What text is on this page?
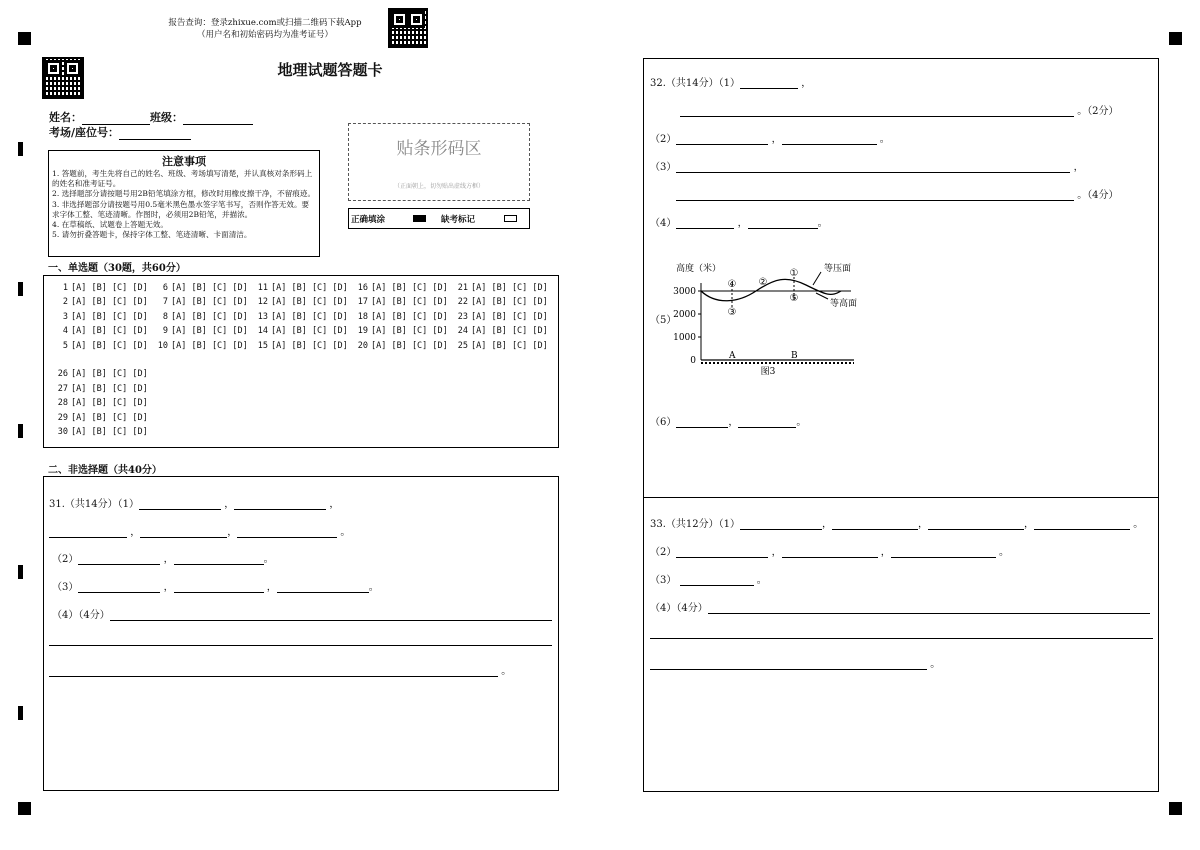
报告查询：登录zhixue.com或扫描二维码下载App
（用户名和初始密码均为准考证号）
地理试题答题卡
姓名：	班级：
考场/座位号：
贴条形码区
（正面朝上，切勿贴出虚线方框）
正确填涂	缺考标记
注意事项
1. 答题前，考生先将自己的姓名、班级、考场填写清楚，并认真核对条形码上的姓名和准考证号。
2. 选择题部分请按题号用2B铅笔填涂方框，修改时用橡皮擦干净，不留痕迹。
3. 非选择题部分请按题号用0.5毫米黑色墨水签字笔书写，否则作答无效。要求字体工整、笔迹清晰。作图时，必须用2B铅笔，并描浓。
4. 在草稿纸、试题卷上答题无效。
5. 请勿折叠答题卡，保持字体工整、笔迹清晰、卡面清洁。
一、单选题（30题，共60分）
1 [A] [B] [C] [D]
2 [A] [B] [C] [D]
3 [A] [B] [C] [D]
4 [A] [B] [C] [D]
5 [A] [B] [C] [D]
6 [A] [B] [C] [D]
7 [A] [B] [C] [D]
8 [A] [B] [C] [D]
9 [A] [B] [C] [D]
10 [A] [B] [C] [D]
11 [A] [B] [C] [D]
12 [A] [B] [C] [D]
13 [A] [B] [C] [D]
14 [A] [B] [C] [D]
15 [A] [B] [C] [D]
16 [A] [B] [C] [D]
17 [A] [B] [C] [D]
18 [A] [B] [C] [D]
19 [A] [B] [C] [D]
20 [A] [B] [C] [D]
21 [A] [B] [C] [D]
22 [A] [B] [C] [D]
23 [A] [B] [C] [D]
24 [A] [B] [C] [D]
25 [A] [B] [C] [D]
26 [A] [B] [C] [D]
27 [A] [B] [C] [D]
28 [A] [B] [C] [D]
29 [A] [B] [C] [D]
30 [A] [B] [C] [D]
二、非选择题（共40分）
31.（共14分）（1）	，	，
，	，	。
（2）	，	。
（3）	，	，	。
（4）（4分）
。
32.（共14分）（1）	，
。（2分）
（2）	，	。
（3）	，
。（4分）
（4）	，	。
（5）
高度（米）
3000
2000
1000
0
④ ②
①
③
⑤
等压面
等高面
A	B
图3
（6）	，	。
33.（共12分）（1）	，	，	，	。
（2）	，	，	。
（3）	。
（4）（4分）
。
